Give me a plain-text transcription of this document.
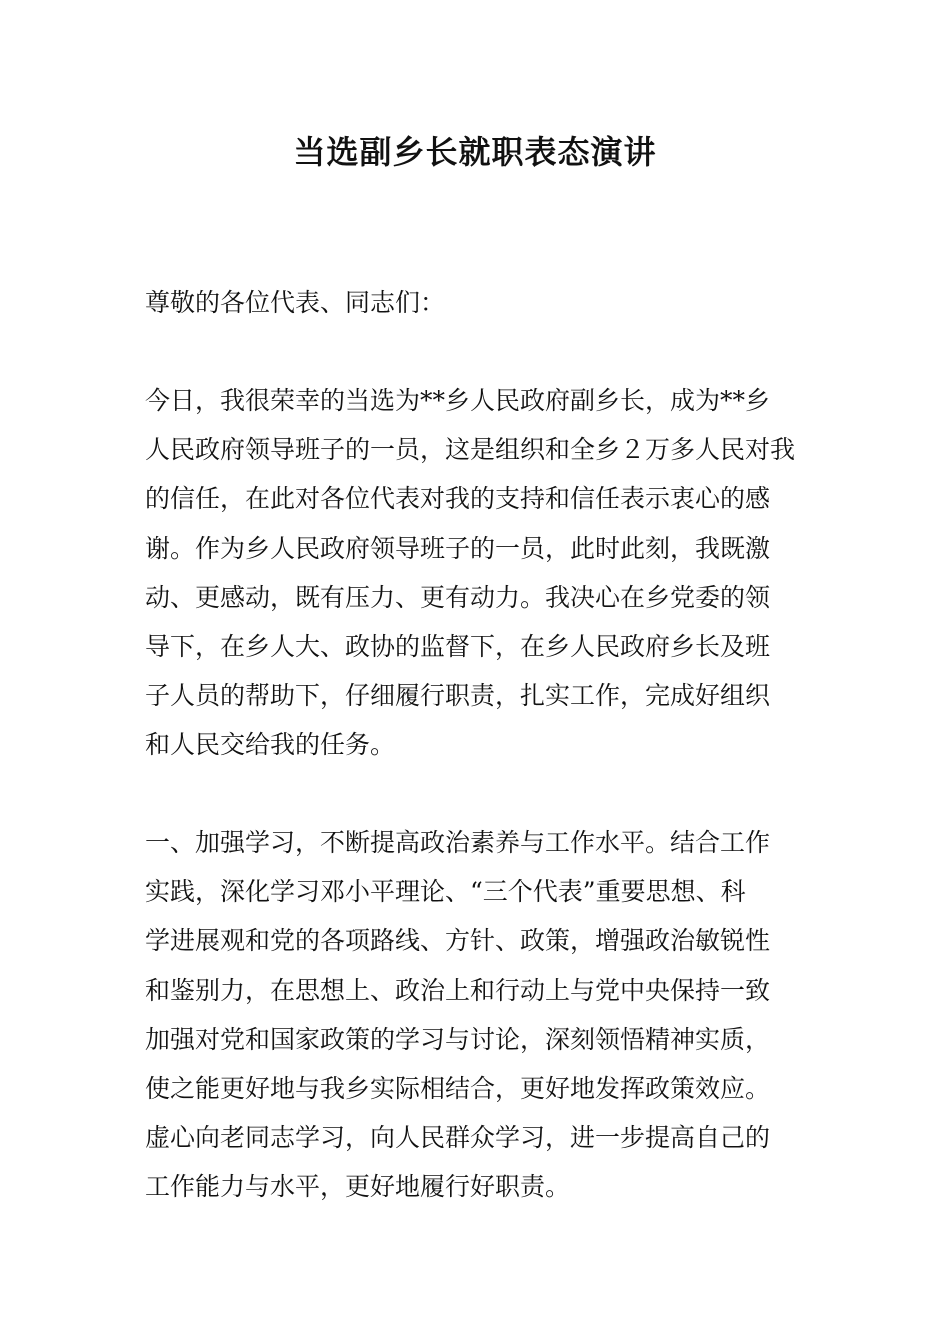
当选副乡长就职表态演讲
尊敬的各位代表、同志们：
今日，我很荣幸的当选为**乡人民政府副乡长，成为**乡
人民政府领导班子的一员，这是组织和全乡２万多人民对我
的信任，在此对各位代表对我的支持和信任表示衷心的感
谢。作为乡人民政府领导班子的一员，此时此刻，我既激
动、更感动，既有压力、更有动力。我决心在乡党委的领
导下，在乡人大、政协的监督下，在乡人民政府乡长及班
子人员的帮助下，仔细履行职责，扎实工作，完成好组织
和人民交给我的任务。
一、加强学习，不断提高政治素养与工作水平。结合工作
实践，深化学习邓小平理论、“三个代表”重要思想、科
学进展观和党的各项路线、方针、政策，增强政治敏锐性
和鉴别力，在思想上、政治上和行动上与党中央保持一致
加强对党和国家政策的学习与讨论，深刻领悟精神实质，
使之能更好地与我乡实际相结合，更好地发挥政策效应。
虚心向老同志学习，向人民群众学习，进一步提高自己的
工作能力与水平，更好地履行好职责。
